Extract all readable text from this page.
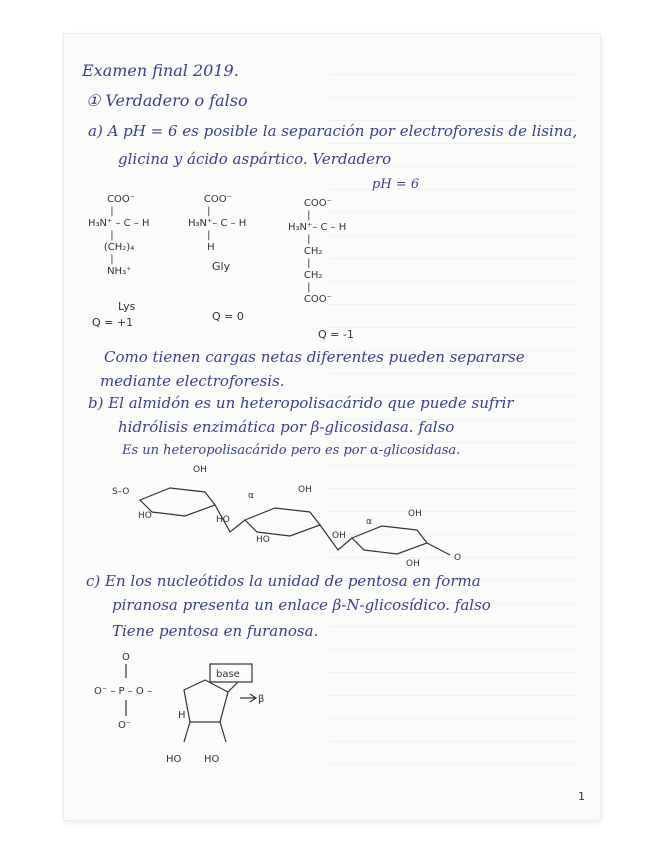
Examen final 2019.
① Verdadero o falso
a) A pH = 6 es posible la separación por electroforesis de lisina,
glicina y ácido aspártico. Verdadero
pH = 6
COO⁻
|
H₃N⁺ – C – H
|
(CH₂)₄
|
NH₃⁺
Lys
Q = +1
COO⁻
|
H₃N⁺– C – H
|
H
Gly
Q = 0
COO⁻
|
H₃N⁺– C – H
|
CH₂
|
CH₂
|
COO⁻
Q = -1
Como tienen cargas netas diferentes pueden separarse
mediante electroforesis.
b) El almidón es un heteropolisacárido que puede sufrir
hidrólisis enzimática por β-glicosidasa. falso
Es un heteropolisacárido pero es por α-glicosidasa.
S–O
OH
HO	HO
α
OH
HO	OH
α
OH
OH
O
c) En los nucleótidos la unidad de pentosa en forma
piranosa presenta un enlace β-N-glicosídico. falso
Tiene pentosa en furanosa.
O
O⁻ – P – O –
O⁻
base
β
H
HO HO
1
